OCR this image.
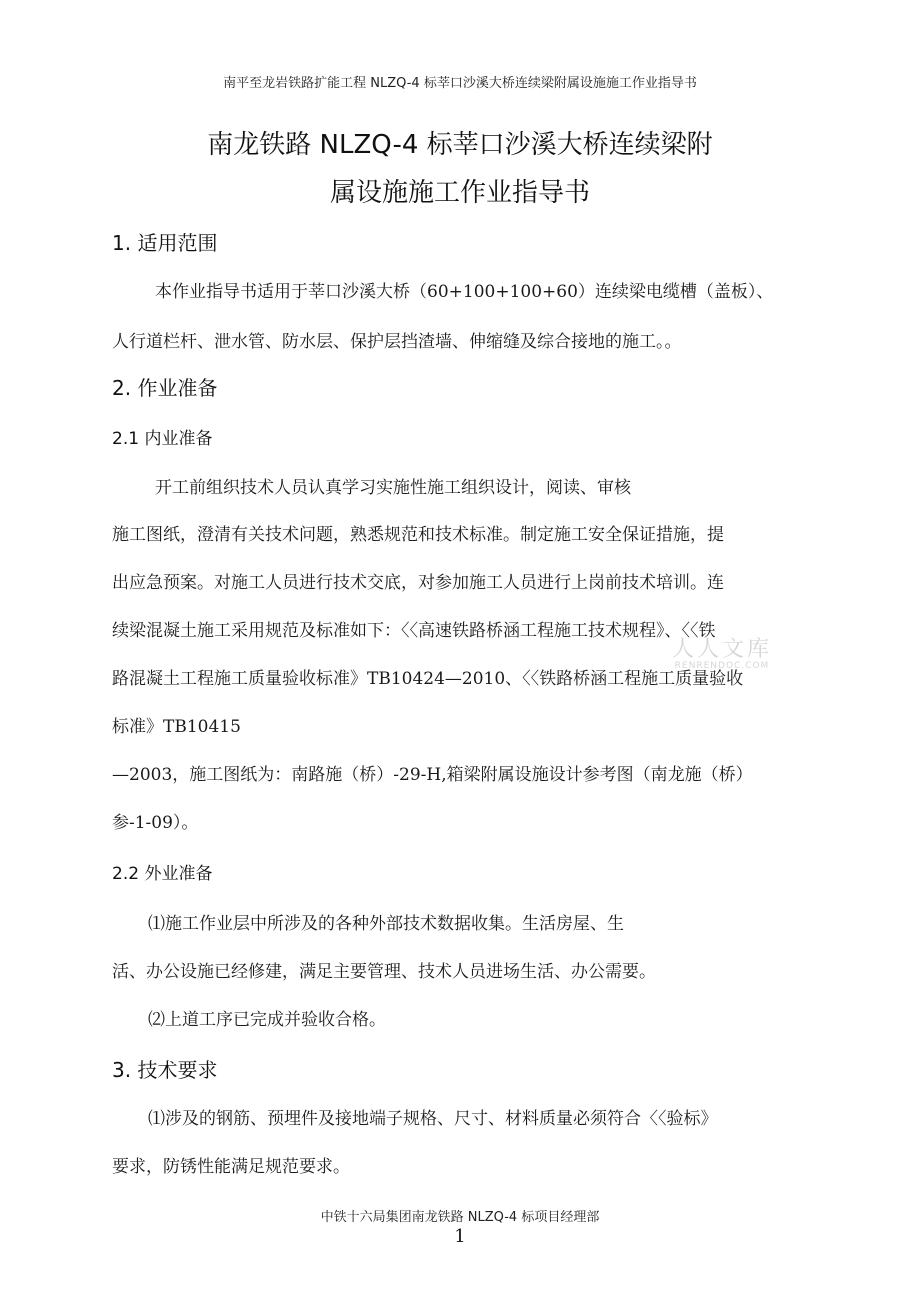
南平至龙岩铁路扩能工程 NLZQ-4 标莘口沙溪大桥连续梁附属设施施工作业指导书
南龙铁路 NLZQ-4 标莘口沙溪大桥连续梁附
属设施施工作业指导书
1. 适用范围
本作业指导书适用于莘口沙溪大桥（60+100+100+60）连续梁电缆槽（盖板）、
人行道栏杆、泄水管、防水层、保护层挡渣墙、伸缩缝及综合接地的施工。。
2. 作业准备
2.1 内业准备
开工前组织技术人员认真学习实施性施工组织设计，阅读、审核
施工图纸，澄清有关技术问题，熟悉规范和技术标准。制定施工安全保证措施，提
出应急预案。对施工人员进行技术交底，对参加施工人员进行上岗前技术培训。连
续梁混凝土施工采用规范及标准如下：〈〈高速铁路桥涵工程施工技术规程》、〈〈铁
路混凝土工程施工质量验收标准》TB10424—2010、〈〈铁路桥涵工程施工质量验收
标准》TB10415
—2003，施工图纸为：南路施（桥）-29-H,箱梁附属设施设计参考图（南龙施（桥）
参-1-09）。
2.2 外业准备
⑴施工作业层中所涉及的各种外部技术数据收集。生活房屋、生
活、办公设施已经修建，满足主要管理、技术人员进场生活、办公需要。
⑵上道工序已完成并验收合格。
3. 技术要求
⑴涉及的钢筋、预埋件及接地端子规格、尺寸、材料质量必须符合〈〈验标》
要求，防锈性能满足规范要求。
人人文库
RENRENDOC.COM
中铁十六局集团南龙铁路 NLZQ-4 标项目经理部
1
